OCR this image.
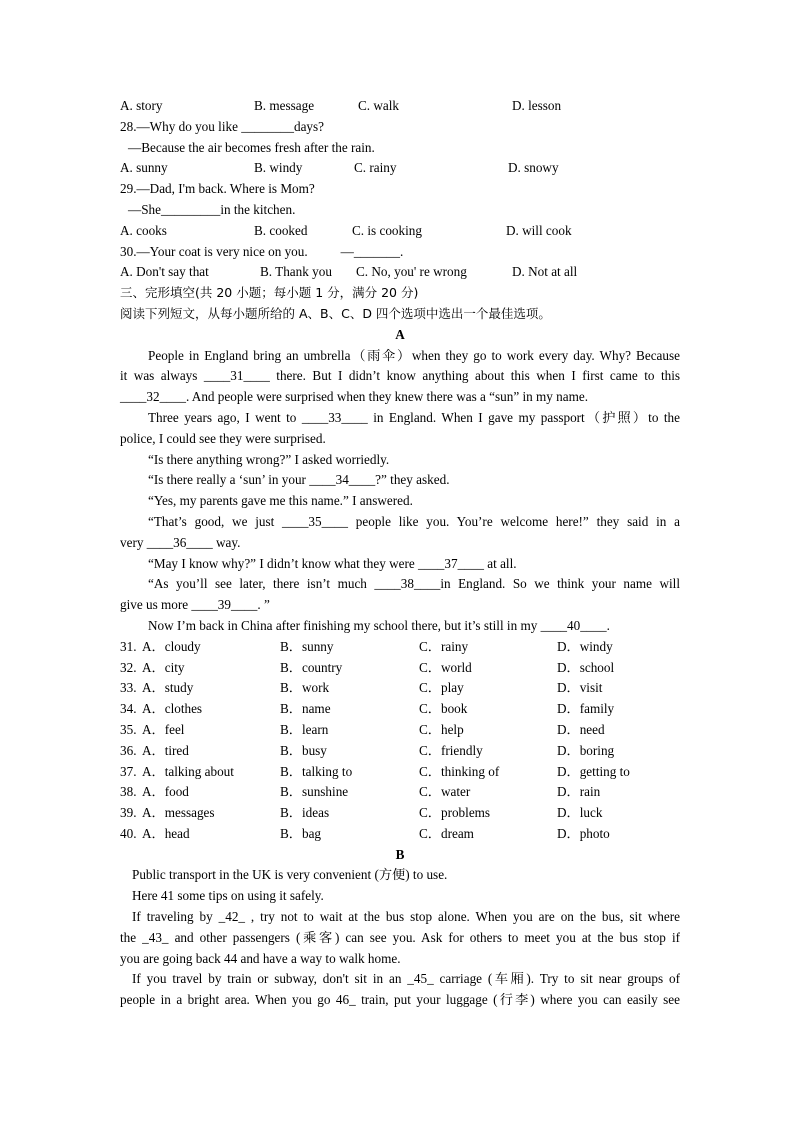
A. story	B. message	C. walk	D. lesson
28.—Why do you like ________days?
—Because the air becomes fresh after the rain.
A. sunny	B. windy	C. rainy	D. snowy
29.—Dad, I'm back. Where is Mom?
—She_________in the kitchen.
A. cooks	B. cooked	C. is cooking	D. will cook
30.—Your coat is very nice on you.          —_______.
A. Don't say that	B. Thank you C. No, you' re wrong	D. Not at all
三、完形填空(共 20 小题；每小题 1 分，满分 20 分)
阅读下列短文，从每小题所给的 A、B、C、D 四个选项中选出一个最佳选项。
A
People in England bring an umbrella（雨伞）when they go to work every day. Why? Because
it was always ____31____ there. But I didn’t know anything about this when I first came to this
____32____. And people were surprised when they knew there was a “sun” in my name.
Three years ago, I went to ____33____ in England. When I gave my passport（护照）to the
police, I could see they were surprised.
“Is there anything wrong?” I asked worriedly.
“Is there really a ‘sun’ in your ____34____?” they asked.
“Yes, my parents gave me this name.” I answered.
“That’s good, we just ____35____ people like you. You’re welcome here!” they said in a
very ____36____ way.
“May I know why?” I didn’t know what they were ____37____ at all.
“As you’ll see later, there isn’t much ____38____in England. So we think your name will
give us more ____39____. ”
Now I’m back in China after finishing my school there, but it’s still in my ____40____.
31. A．cloudy	B．sunny	C．rainy	D．windy
32. A．city	B．country	C．world	D．school
33. A．study	B．work	C．play	D．visit
34. A．clothes	B．name	C．book	D．family
35. A．feel	B．learn	C．help	D．need
36. A．tired	B．busy	C．friendly	D．boring
37. A．talking about	B．talking to	C．thinking of	D．getting to
38. A．food	B．sunshine	C．water	D．rain
39. A．messages	B．ideas	C．problems	D．luck
40. A．head	B．bag	C．dream	D．photo
B
Public transport in the UK is very convenient (方便) to use.
Here 41 some tips on using it safely.
If traveling by _42_ , try not to wait at the bus stop alone. When you are on the bus, sit where
the _43_ and other passengers (乘客) can see you. Ask for others to meet you at the bus stop if
you are going back 44 and have a way to walk home.
If you travel by train or subway, don't sit in an _45_ carriage (车厢). Try to sit near groups of
people in a bright area. When you go 46_ train, put your luggage (行李) where you can easily see
